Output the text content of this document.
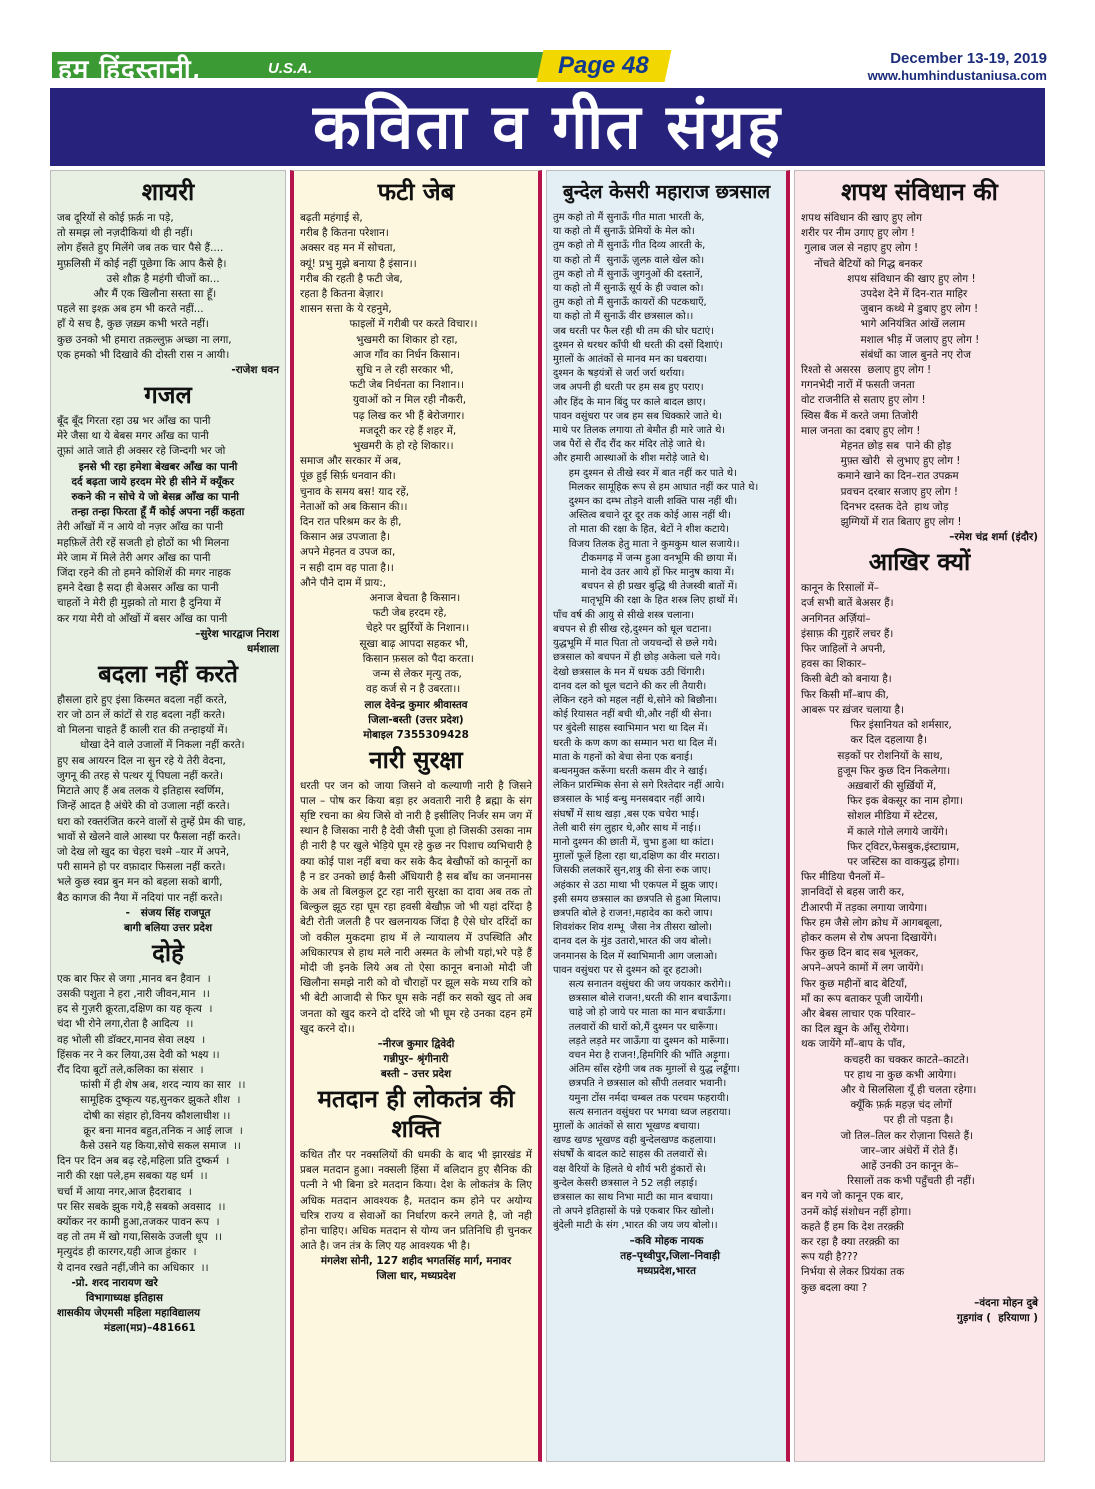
हम हिंदुस्तानी,	U.S.A.	Page 48	December 13-19, 2019
www.humhindustaniusa.com
कविता व गीत संग्रह
शायरी

जब दूरियों से कोई फ़र्क़ ना पड़े,
तो समझ लो नज़दीकियां थी ही नहीं।
लोग हँसते हुए मिलेंगे जब तक चार पैसे हैं....
मुफ़लिसी में कोई नहीं पूछेगा कि आप कैसे है।
उसे शौक़ है महंगी चीजों का...
और मैं एक खिलौना सस्ता सा हूँ।
पहले सा इश्क़ अब हम भी करते नहीं...
हाँ ये सच है, कुछ ज़ख़्म कभी भरते नहीं।
कुछ उनको भी हमारा तक़ल्लुफ़ अच्छा ना लगा,
एक हमको भी दिखावे की दोस्ती रास न आयी।

-राजेश धवन

गजल

बूँद बूँद गिरता रहा उम्र भर आँख का पानी
मेरे जैसा था ये बेबस मगर आँख का पानी
तूफ़ां आते जाते ही अक्सर रहे जिन्दगी भर जो

इनसे भी रहा हमेशा बेखबर आँख का पानी
दर्द बढ़ता जाये हरदम मेरे ही सीने में क्यूँकर
रुकने की न सोचे ये जो बेसब्र आँख का पानी
तन्हा तन्हा फिरता हूँ मैं कोई अपना नहीं कहता

तेरी आँखों में न आये वो नज़र आँख का पानी
महफ़िलें तेरी रहें सजती हो होठों का भी मिलना
मेरे जाम में मिले तेरी अगर आँख का पानी
जिंदा रहने की तो हमने कोशिशें की मगर नाहक
हमने देखा है सदा ही बेअसर आँख का पानी
चाहतों ने मेरी ही मुझको तो मारा है दुनिया में
कर गया मेरी वो आँखों में बसर आँख का पानी

–सुरेश भारद्वाज निराश
धर्मशाला

बदला नहीं करते

हौसला हारे हुए इंसा किस्मत बदला नहीं करते,
रार जो ठान लें कांटों से राह बदला नहीं करते।
वो मिलना चाहते हैं काली रात की तन्हाइयों में।
धोखा देने वाले उजालों में निकला नहीं करते।
हुए सब आयरन दिल ना सुन रहे ये तेरी वेदना,
जुगनू की तरह से पत्थर यूं पिघला नहीं करते।
मिटाते आए हैं अब तलक ये इतिहास स्वर्णिम,
जिन्हें आदत है अंधेरे की वो उजाला नहीं करते।
धरा को रक्तरंजित करने वालों से तुम्हें प्रेम की चाह,
भावों से खेलने वाले आस्था पर फैसला नहीं करते।
जो देख लो खुद का चेहरा चश्मे –यार में अपने,
परी सामने हो पर वफ़ादार फिसला नहीं करते।
भले कुछ स्वप्न बुन मन को बहला सको बागी,
बैठ कागज की नैया में नदियां पार नहीं करते।

-   संजय सिंह राजपूत
बागी बलिया उत्तर प्रदेश

दोहे

एक बार फिर से जगा ,मानव बन हैवान  ।
उसकी पशुता ने हरा ,नारी जीवन,मान  ।।
हद से गुज़री क्रूरता,दक्षिण का यह कृत्य  ।
चंदा भी रोने लगा,रोता है आदित्य  ।।
वह भोली सी डॉक्टर,मानव सेवा लक्ष्य  ।
हिंसक नर ने कर लिया,उस देवी को भक्ष्य ।।
रौंद दिया बूटों तले,कलिका का संसार  ।
फांसी में ही शेष अब, शरद न्याय का सार  ।।
सामूहिक दुष्कृत्य यह,सुनकर झुकते शीश  ।
दोषी का संहार हो,विनय कौशलाधीश ।।
क्रूर बना मानव बहुत,तनिक न आई लाज  ।
कैसे उसने यह किया,सोचे सकल समाज  ।।
दिन पर दिन अब बढ़ रहे,महिला प्रति दुष्कर्म  ।
नारी की रक्षा पले,हम सबका यह धर्म  ।।
चर्चा में आया नगर,आज हैदराबाद  ।
पर सिर सबके झुक गये,है सबको अवसाद  ।।
क्योंकर नर कामी हुआ,तजकर पावन रूप  ।
वह तो तम में खो गया,सिसके उजली धूप  ।।
मृत्युदंड ही कारगर,यही आज हुंकार  ।
ये दानव रखते नहीं,जीने का अधिकार  ।।

-प्रो. शरद नारायण खरे
विभागाध्यक्ष इतिहास
शासकीय जेएमसी महिला महाविद्यालय
मंडला(मप्र)–481661

फटी जेब

बढ़ती महंगाई से,
गरीब है कितना परेशान।
अक्सर वह मन में सोचता,
क्यूं! प्रभु मुझे बनाया है इंसान।।
गरीब की रहती है फटी जेब,
रहता है कितना बेज़ार।
शासन सत्ता के ये रहनुमे,
फाइलों में गरीबी पर करते विचार।।
भुखमरी का शिकार हो रहा,
आज गाँव का निर्धन किसान।
सुधि न ले रही सरकार भी,
फटी जेब निर्धनता का निशान।।
युवाओं को न मिल रही नौकरी,
पढ़ लिख कर भी हैं बेरोजगार।
मजदूरी कर रहे हैं शहर में,
भुखमरी के हो रहे शिकार।।
समाज और सरकार में अब,
पूंछ हुई सिर्फ़ धनवान की।
चुनाव के समय बस! याद रहें,
नेताओं को अब किसान की।।
दिन रात परिश्रम कर के ही,
किसान अन्न उपजाता है।
अपने मेहनत व उपज का,
न सही दाम वह पाता है।।
औने पौने दाम में प्राय:,
अनाज बेचता है किसान।
फटी जेब हरदम रहे,
चेहरे पर झुर्रियों के निशान।।
सूखा बाढ़ आपदा सहकर भी,
किसान फ़सल को पैदा करता।
जन्म से लेकर मृत्यु तक,
वह कर्ज से न है उबरता।।

लाल देवेन्द्र कुमार श्रीवास्तव
जिला-बस्ती (उत्तर प्रदेश)
मोबाइल 7355309428

नारी सुरक्षा

धरती पर जन को जाया जिसने वो कल्याणी नारी है जिसने पाल – पोष कर किया बड़ा हर अवतारी नारी है ब्रह्मा के संग सृष्टि रचना का श्रेय जिसे वो नारी है इसीलिए निर्जर सम जग में स्थान है जिसका नारी है देवी जैसी पूजा हो जिसकी उसका नाम ही नारी है पर खुले भेड़िये घूम रहे कुछ नर पिशाच व्यभिचारी है क्या कोई पाश नहीं बचा कर सके कैद बेखौफों को कानूनों का है न डर उनको छाई कैसी अँधियारी है सब बाँध का जनमानस के अब तो बिलकुल टूट रहा नारी सुरक्षा का दावा अब तक तो बिल्कुल झूठ रहा घूम रहा हवसी बेखौफ़ जो भी यहां दरिंदा है बेटी रोती जलती है पर खलनायक जिंदा है ऐसे घोर दरिंदों का जो वकील मुकदमा हाथ में ले न्यायालय में उपस्थिति और अधिकारपत्र से हाथ मले नारी अस्मत के लोभी यहां,भरे पड़े हैं मोदी जी इनके लिये अब तो ऐसा कानून बनाओ मोदी जी खिलौना समझे नारी को वो चौराहों पर झूल सके मध्य रात्रि को भी बेटी आजादी से फिर घूम सके नहीं कर सको खुद तो अब जनता को खुद करने दो दरिंदे जो भी घूम रहे उनका दहन हमें खुद करने दो।।

–नीरज कुमार द्विवेदी
गन्नीपुर– श्रृंगीनारी
बस्ती – उत्तर प्रदेश

मतदान ही लोकतंत्र की शक्ति

कथित तौर पर नक्सलियों की धमकी के बाद भी झारखंड में प्रबल मतदान हुआ। नक्सली हिंसा में बलिदान हुए सैनिक की पत्नी ने भी बिना डरे मतदान किया। देश के लोकतंत्र के लिए अधिक मतदान आवश्यक है, मतदान कम होने पर अयोग्य चरित्र राज्य व सेवाओं का निर्धारण करने लगते है, जो नही होना चाहिए। अधिक मतदान से योग्य जन प्रतिनिधि ही चुनकर आते है। जन तंत्र के लिए यह आवश्यक भी है।

मंगलेश सोनी, 127 शहीद भगतसिंह मार्ग, मनावर
जिला धार, मध्यप्रदेश

बुन्देल केसरी महाराज छत्रसाल

तुम कहो तो मैं सुनाऊँ गीत माता भारती के,
या कहो तो मैं सुनाऊँ प्रेमियों के मेल को।
तुम कहो तो मैं सुनाऊँ गीत दिव्य आरती के,
या कहो तो मैं  सुनाऊँ ज़ुल्फ़ वाले खेल को।
तुम कहो तो मैं सुनाऊँ जुगनुओं की दस्तानें,
या कहो तो मैं सुनाऊँ सूर्य के ही ज्वाल को।
तुम कहो तो मैं सुनाऊँ कायरों की पटकथाएँ,
या कहो तो मैं सुनाऊँ वीर छत्रसाल को।।
जब धरती पर फैल रही थी तम की घोर घटाएं।
दुश्मन से थरथर काँपी थी धरती की दसों दिशाएं।
मुग़लों के आतंकों से मानव मन का घबराया।
दुश्मन के षड़यंत्रों से जर्रा जर्रा थर्राया।
जब अपनी ही धरती पर हम सब हुए पराए।
और हिंद के मान बिंदु पर काले बादल छाए।
पावन वसुंधरा पर जब हम सब धिक्कारे जाते थे।
माथे पर तिलक लगाया तो बेमौत ही मारे जाते थे।
जब पैरों से रौंद रौंद कर मंदिर तोड़े जाते थे।
और हमारी आस्थाओं के शीश मरोड़े जाते थे।
हम दुश्मन से तीखे स्वर में बात नहीं कर पाते थे।
मिलकर सामूहिक रूप से हम आघात नहीं कर पाते थे।
दुश्मन का दम्भ तोड़ने वाली शक्ति पास नहीं थी।
अस्तित्व बचाने दूर दूर तक कोई आस नहीं थी।
तो माता की रक्षा के हित, बेटों ने शीश कटाये।
विजय तिलक हेतु माता ने कुमकुम थाल सजाये।।
टीकमगढ़ में जन्म हुआ वनभूमि की छाया में।
मानो देव उतर आये हों फिर मानुष काया में।
बचपन से ही प्रखर बुद्धि थी तेजस्वी बातों में।
मातृभूमि की रक्षा के हित शस्त्र लिए हाथों में।
पाँच वर्ष की आयु से सीखे शस्त्र चलाना।
बचपन से ही सीख रहे,दुश्मन को धूल चटाना।
युद्धभूमि में मात पिता तो जयचन्दों से छले गये।
छत्रसाल को बचपन में ही छोड़ अकेला चले गये।
देखो छत्रसाल के मन में धधक उठी चिंगारी।
दानव दल को धूल चटाने की कर ली तैयारी।
लेकिन रहने को महल नहीं थे,सोने को बिछौना।
कोई रियासत नहीं बची थी,और नहीं थी सेना।
पर बुंदेली साहस स्वाभिमान भरा था दिल में।
धरती के कण कण का सम्मान भरा था दिल में।
माता के गहनों को बेचा सेना एक बनाई।
बन्धनमुक्त करूँगा धरती कसम वीर ने खाई।
लेकिन प्रारम्भिक सेना से सगे रिश्तेदार नहीं आये।
छत्रसाल के भाई बन्धु मनसबदार नहीं आये।
संघर्षों में साथ खड़ा ,बस एक चचेरा भाई।
तेली बारी संग लुहार थे,और साथ में नाई।।
मानो दुश्मन की छाती में, चुभा हुआ था कांटा।
मुग़लों फूलें हिला रहा था,दक्षिण का वीर मराठा।
जिसकी ललकारें सुन,शत्रु की सेना रुक जाए।
अहंकार से उठा माथा भी एकपल में झुक जाए।
इसी समय छत्रसाल का छत्रपति से हुआ मिलाप।
छत्रपति बोले हे राजन!,महादेव का करो जाप।
शिवशंकर शिव शम्भू  जैसा नेत्र तीसरा खोलो।
दानव दल के मुंड उतारो,भारत की जय बोलो।
जनमानस के दिल में स्वाभिमानी आग जलाओ।
पावन वसुंधरा पर से दुश्मन को दूर हटाओ।
सत्य सनातन वसुंधरा की जय जयकार करोगे।।
छत्रसाल बोले राजन!,धरती की शान बचाऊँगा।
चाहे जो हो जाये पर माता का मान बचाऊँगा।
तलवारों की धारों को,मैं दुश्मन पर धारूँगा।
लड़ते लड़ते मर जाऊँगा या दुश्मन को मारूँगा।
वचन मेरा है राजन!,हिमगिरि की भाँति अड़ूगा।
अंतिम साँस रहेगी जब तक मुग़लों से युद्ध लडूँगा।
छत्रपति ने छत्रसाल को सौंपी तलवार भवानी।
यमुना टोंस नर्मदा चम्बल तक परचम फहरायी।
सत्य सनातन वसुंधरा पर भगवा ध्वज लहराया।
मुग़लों के आतंकों से सारा भूखण्ड बचाया।
खण्ड खण्ड भूखण्ड वही बुन्देलखण्ड कहलाया।
संघर्षों के बादल काटे साहस की तलवारों से।
वक्ष वैरियों के हिलते थे शौर्य भरी हुंकारों से।
बुन्देल केसरी छत्रसाल ने 52 लड़ी लड़ाई।
छत्रसाल का साथ निभा माटी का मान बचाया।
तो अपने इतिहासों के पन्ने एकबार फिर खोलो।
बुंदेली माटी के संग ,भारत की जय जय बोलो।।

–कवि मोहक नायक
तह–पृथ्वीपुर,जिला–निवाड़ी
मध्यप्रदेश,भारत

शपथ संविधान की

शपथ संविधान की खाए हुए लोग
शरीर पर नीम उगाए हुए लोग !
गुलाब जल से नहाए हुए लोग !
नोंचते बेटियों को गिद्ध बनकर
शपथ संविधान की खाए हुए लोग !
उपदेश देने में दिन-रात माहिर
जुबान कथ्थे मे डुबाए हुए लोग !
भागे अनियंत्रित आंखें ललाम
मशाल भीड़ में जलाए हुए लोग !
संबंधों का जाल बुनते नए रोज
रिश्तो से असरस  छलाए हुए लोग !
गगनभेदी नारों में फसती जनता
वोट राजनीति से सताए हुए लोग !
स्विस बैंक में करते जमा तिजोरी
माल जनता का दबाए हुए लोग !
मेहनत छोड़ सब  पाने की होड़
मुफ़्त खोरी  से लुभाए हुए लोग !
कमाने खाने का दिन–रात उपक्रम
प्रवचन दरबार सजाए हुए लोग !
दिनभर दस्तक देते  हाथ जोड़
झुग्गियों में रात बिताए हुए लोग !

–रमेश चंद्र शर्मा (इंदौर)

आखिर क्यों

कानून के रिसालों में–
दर्ज सभी बातें बेअसर हैं।
अनगिनत अर्ज़ियां–
इंसाफ़ की गुहारें लचर हैं।
फिर जाहिलों ने अपनी,
हवस का शिकार–
किसी बेटी को बनाया है।
फिर किसी माँ–बाप की,
आबरू पर ख़ंजर चलाया है।
फिर इंसानियत को शर्मसार,
कर दिल दहलाया है।
सड़कों पर रोशनियों के साथ,
हुजूम फिर कुछ दिन निकलेगा।
अख़बारों की सुर्ख़ियों में,
फिर इक बेकसूर का नाम होगा।
सोशल मीडिया में स्टेटस,
में काले गोले लगाये जायेंगे।
फिर ट्विटर,फेसबुक,इंस्टाग्राम,
पर जस्टिस का वाकयुद्ध होगा।
फिर मीडिया चैनलों में–
ज्ञानविदों से बहस जारी कर,
टीआरपी में तड़का लगाया जायेगा।
फिर हम जैसे लोग क्रोध में आगबबूला,
होकर कलम से रोष अपना दिखायेंगे।
फिर कुछ दिन बाद सब भूलकर,
अपने–अपने कामों में लग जायेंगे।
फिर कुछ महीनों बाद बेटियाँ,
माँ का रूप बताकर पूजी जायेंगी।
और बेबस लाचार एक परिवार–
का दिल ख़ून के आँसू रोयेगा।
थक जायेंगे माँ–बाप के पाँव,
कचहरी का चक्कर काटते–काटते।
पर हाथ ना कुछ कभी आयेगा।
और ये सिलसिला यूँ ही चलता रहेगा।
क्यूँकि फ़र्क़ महज़ चंद लोगों
पर ही तो पड़ता है।
जो तिल–तिल कर रोज़ाना पिसते हैं।
जार–जार अंधेरों में रोते हैं।
आहें उनकी उन कानून के–
रिसालों तक कभी पहुँचती ही नहीं।
बन गये जो कानून एक बार,
उनमें कोई संशोधन नहीं होगा।
कहते हैं हम कि देश तरक़्क़ी
कर रहा है क्या तरक़्क़ी का
रूप यही है???
निर्भया से लेकर प्रियंका तक
कुछ बदला क्या ?

–वंदना मोहन दुबे
गुड़गांव (  हरियाणा )
